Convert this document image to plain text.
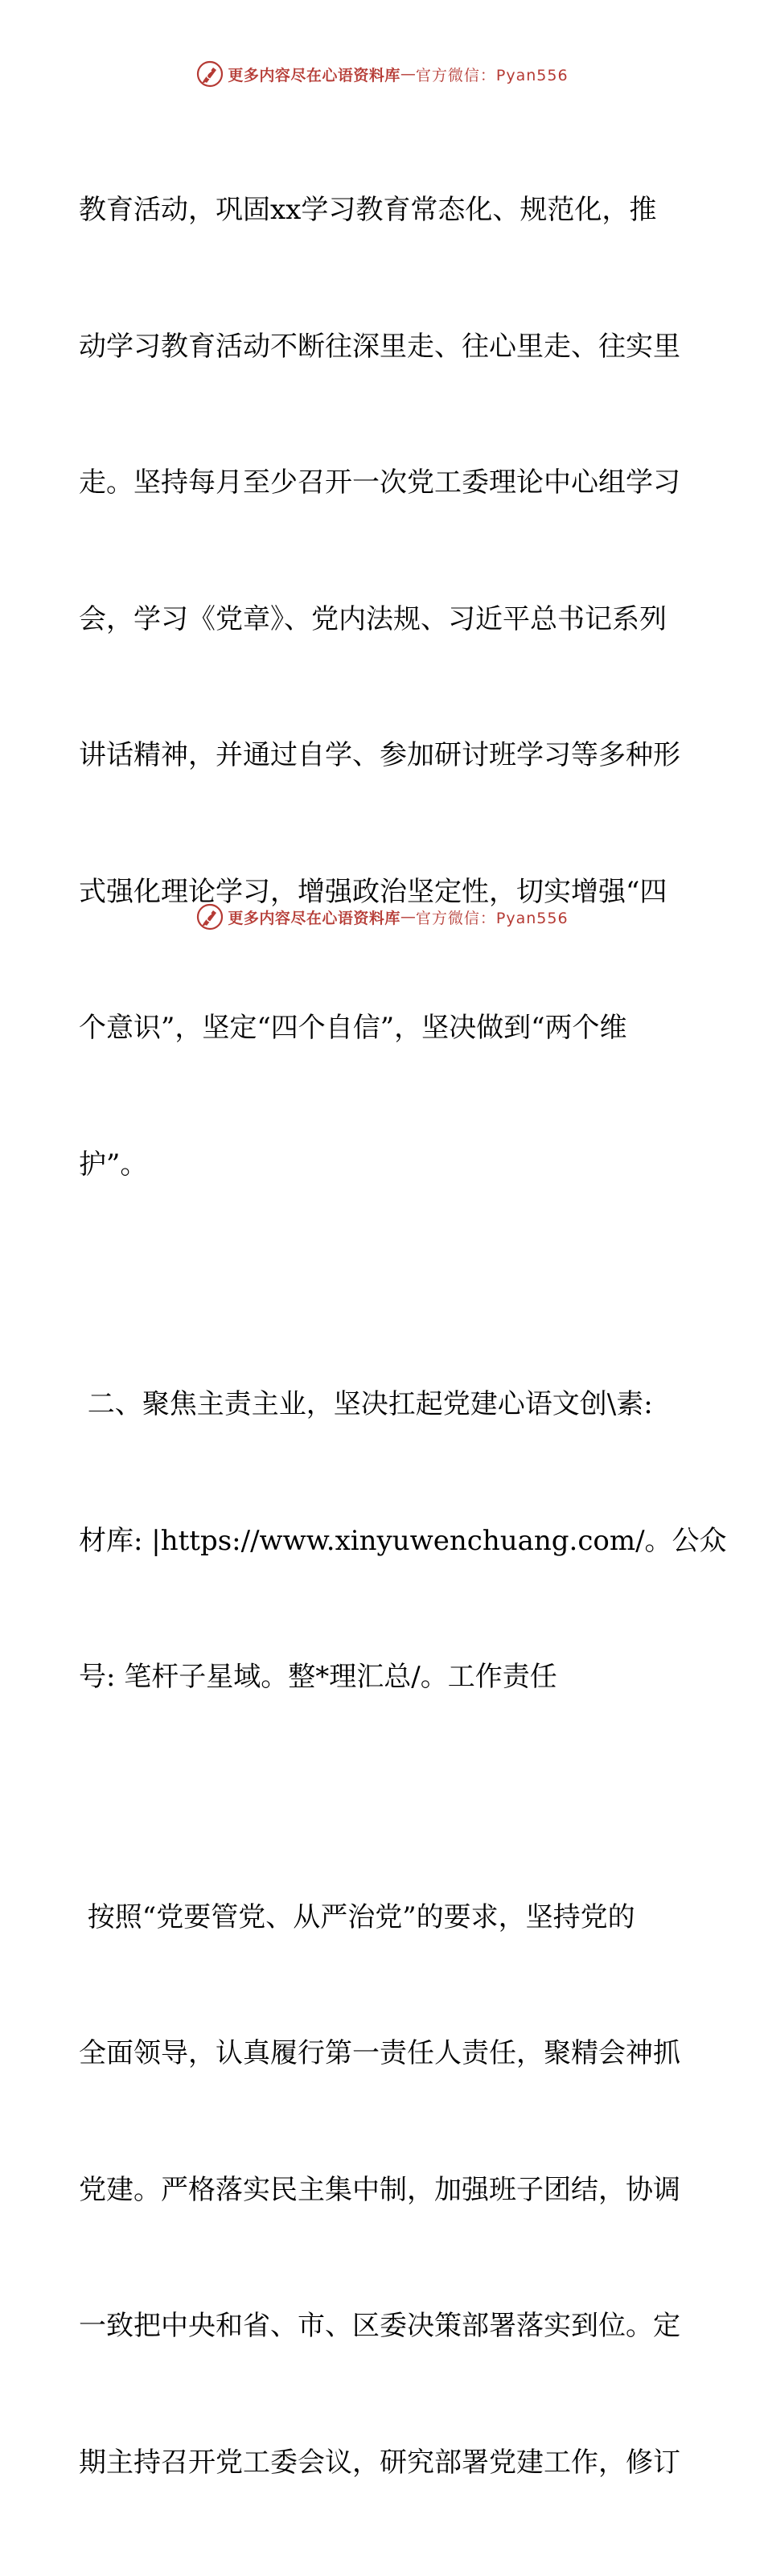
更多内容尽在心语资料库 — 官方微信：Pyan556

教育活动，巩固xx学习教育常态化、规范化，推

动学习教育活动不断往深里走、往心里走、往实里

走。坚持每月至少召开一次党工委理论中心组学习

会，学习《党章》、党内法规、习近平总书记系列

讲话精神，并通过自学、参加研讨班学习等多种形

式强化理论学习，增强政治坚定性，切实增强“四

个意识”，坚定“四个自信”，坚决做到“两个维

护”。

二、聚焦主责主业，坚决扛起党建心语文创\素:

材库: |https://www.xinyuwenchuang.com/。公众

号: 笔杆子星域。整*理汇总/。工作责任

按照“党要管党、从严治党”的要求，坚持党的

全面领导，认真履行第一责任人责任，聚精会神抓

党建。严格落实民主集中制，加强班子团结，协调

一致把中央和省、市、区委决策部署落实到位。定

期主持召开党工委会议，研究部署党建工作，修订

更多内容尽在心语资料库 — 官方微信：Pyan556
